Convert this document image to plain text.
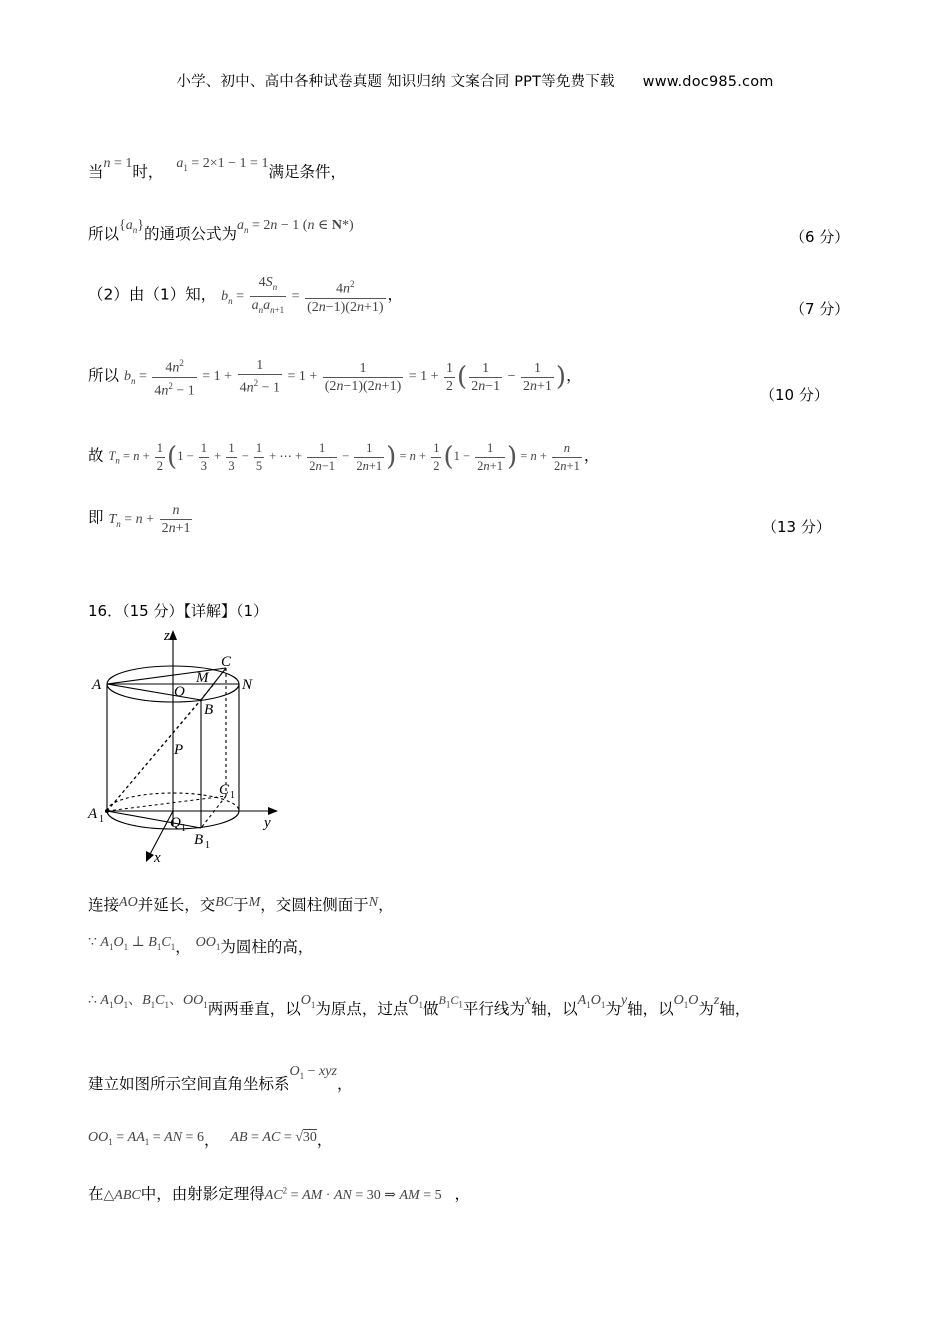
小学、初中、高中各种试卷真题 知识归纳 文案合同 PPT等免费下载 www.doc985.com
当n = 1时， $a_1 = 2\times 1 - 1 = 1$满足条件，
所以$\{a_n\}$的通项公式为$a_n = 2n - 1$ (n ∈ N*)
（6 分）
（2）由（1）知， $b_n = \frac{4S_n}{a_na_{n+1}} = \frac{4n^2}{(2n-1)(2n+1)}$ ，
（7 分）
所以 $b_n = \frac{4n^2}{4n^2 - 1} = 1 + \frac{1}{4n^2 - 1} = 1 + \frac{1}{(2n-1)(2n+1)} = 1 + \frac{1}{2}$ ( $\frac{1}{2n-1} - \frac{1}{2n+1}$ )，
（10 分）
故 $T_n = n + \frac{1}{2} (1 - \frac{1}{3} + \frac{1}{3} - \frac{1}{5}$ + ⋯ + $\frac{1}{2n-1} - \frac{1}{2n+1}$ ) = $n + \frac{1}{2} (1 - \frac{1}{2n+1}$ ) = $n + \frac{n}{2n+1}$ ，
即 $T_n = n + \frac{n}{2n+1}$	（13 分）
16．（15 分）【详解】（1）
z
y
x
A	O
M
C
N
B
P
A 1
C 1
Q 1
B 1
连接AO并延长，交BC于M，交圆柱侧面于N，
∵ $A_1O_1$ ⊥ $B_1C_1$， $OO_1$为圆柱的高，
∴ $A_1O_1$、$B_1C_1$、$OO_1$两两垂直，以$O_1$为原点，过点$O_1$做$^{B_1C_1}$平行线为x轴，以$A_1O_1$为y轴，以$O_1O$为z轴，
建立如图所示空间直角坐标系$O_1$ − xyz，
$OO_1 = AA_1$ = AN = 6， AB = AC = √30，
在△ABC中，由射影定理得$AC^2$ = AM · AN = 30 ⇒ AM = 5 ，
